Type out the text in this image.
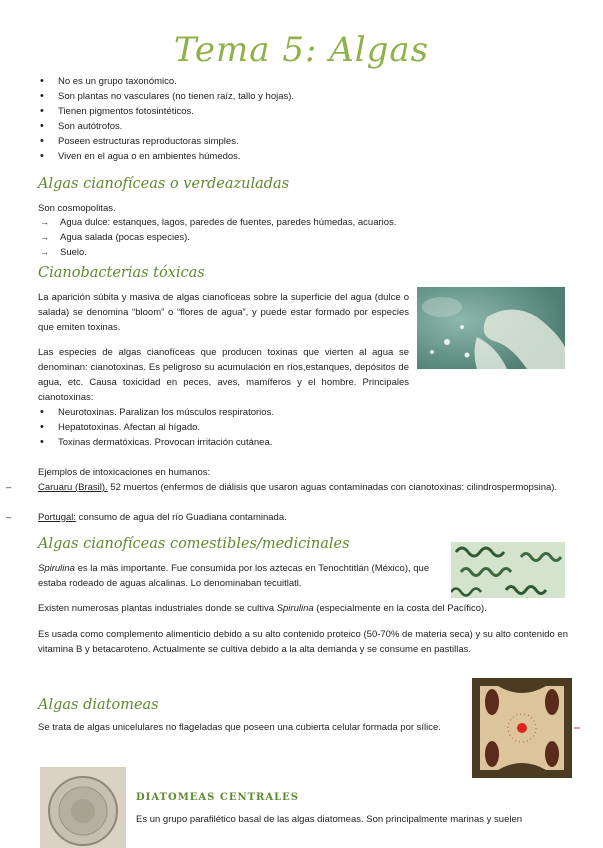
Tema 5: Algas
• No es un grupo taxonómico.
• Son plantas no vasculares (no tienen raíz, tallo y hojas).
• Tienen pigmentos fotosintéticos.
• Son autótrofos.
• Poseen estructuras reproductoras simples.
• Viven en el agua o en ambientes húmedos.
Algas cianofíceas o verdeazuladas
Son cosmopolitas.
→ Agua dulce: estanques, lagos, paredes de fuentes, paredes húmedas, acuarios.
→ Agua salada (pocas especies).
→ Suelo.
Cianobacterias tóxicas
La aparición súbita y masiva de algas cianofíceas sobre la superficie del agua (dulce o salada) se denomina “bloom” o “flores de agua”, y puede estar formado por especies que emiten toxinas.
Las especies de algas cianofíceas que producen toxinas que vierten al agua se denominan: cianotoxinas. Es peligroso su acumulación en ríos,estanques, depósitos de agua, etc. Causa toxicidad en peces, aves, mamíferos y el hombre. Principales cianotoxinas:
• Neurotoxinas. Paralizan los músculos respiratorios.
• Hepatotoxinas. Afectan al hígado.
• Toxinas dermatóxicas. Provocan irritación cutánea.
Ejemplos de intoxicaciones en humanos:
–	Caruaru (Brasil). 52 muertos (enfermos de diálisis que usaron aguas contaminadas con cianotoxinas: cilindrospermopsina).
–	Portugal: consumo de agua del río Guadiana contaminada.
Algas cianofíceas comestibles/medicinales
Spirulina es la más importante. Fue consumida por los aztecas en Tenochtitlán (México), que estaba rodeado de aguas alcalinas. Lo denominaban tecuitlatl.
Existen numerosas plantas industriales donde se cultiva Spirulina (especialmente en la costa del Pacífico).
Es usada como complemento alimenticio debido a su alto contenido proteico (50-70% de materia seca) y su alto contenido en vitamina B y betacaroteno. Actualmente se cultiva debido a la alta demanda y se consume en pastillas.
Algas diatomeas
Se trata de algas unicelulares no flageladas que poseen una cubierta celular formada por sílice.
DIATOMEAS CENTRALES
Es un grupo parafilético basal de las algas diatomeas. Son principalmente marinas y suelen
